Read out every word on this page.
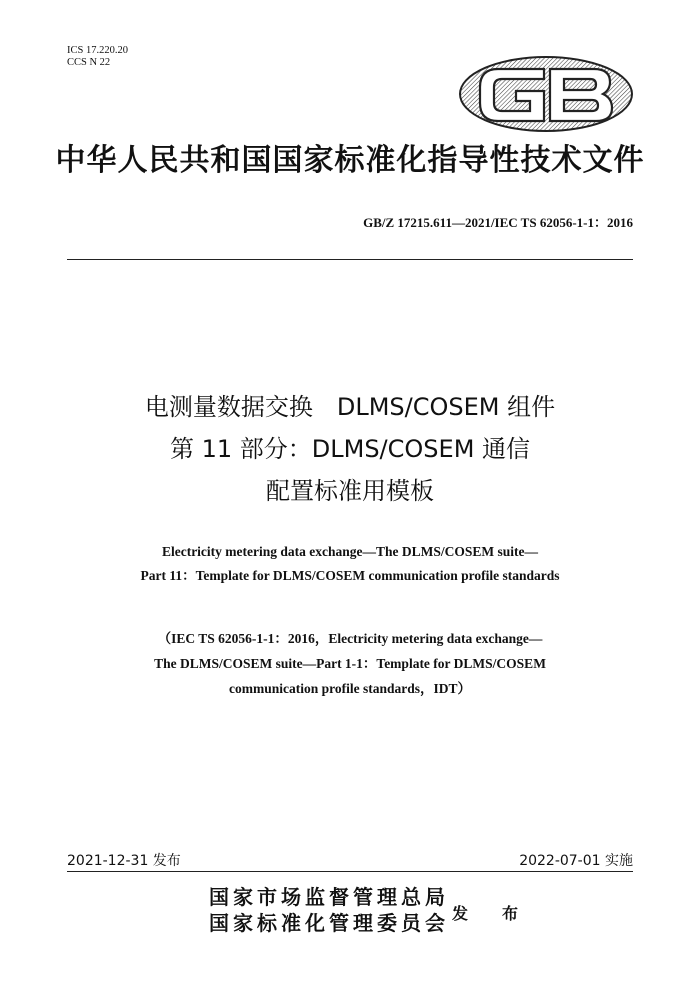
ICS 17.220.20
CCS N 22
GB
中华人民共和国国家标准化指导性技术文件
GB/Z 17215.611—2021/IEC TS 62056-1-1：2016
电测量数据交换　DLMS/COSEM 组件
第 11 部分：DLMS/COSEM 通信
配置标准用模板
Electricity metering data exchange—The DLMS/COSEM suite—
Part 11：Template for DLMS/COSEM communication profile standards
（IEC TS 62056-1-1：2016，Electricity metering data exchange—
The DLMS/COSEM suite—Part 1-1：Template for DLMS/COSEM
communication profile standards，IDT）
2021-12-31 发布	2022-07-01 实施
国家市场监督管理总局
国家标准化管理委员会 发　布
